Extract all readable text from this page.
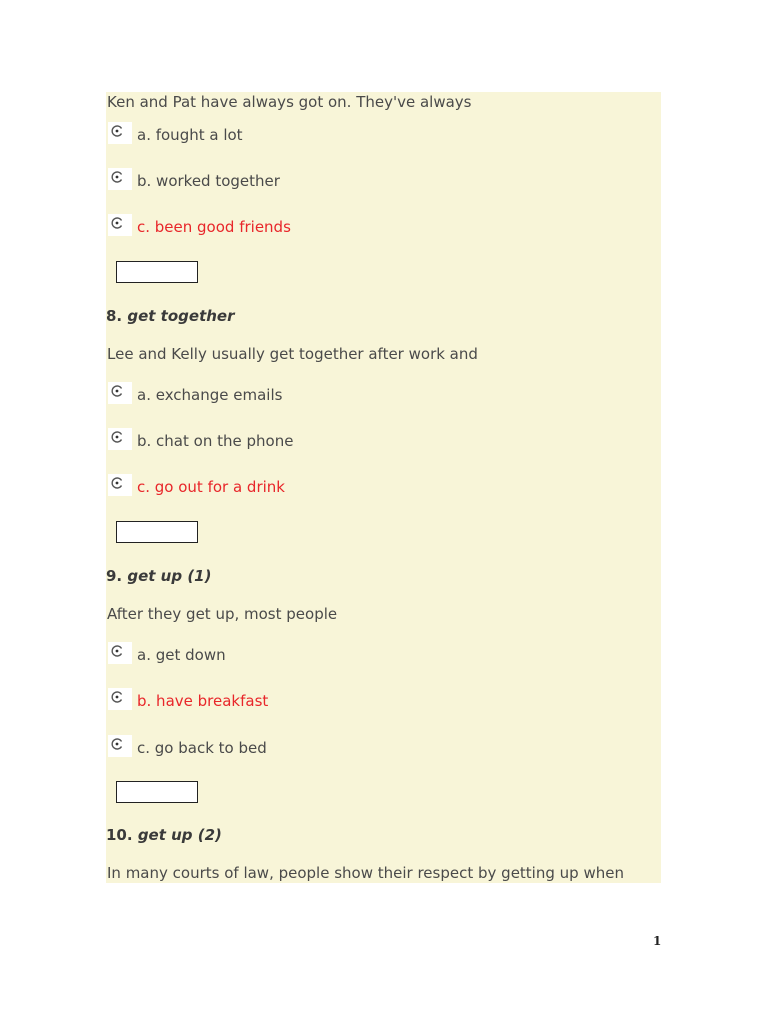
Ken and Pat have always got on. They've always
a. fought a lot
b. worked together
c. been good friends
8. get together
Lee and Kelly usually get together after work and
a. exchange emails
b. chat on the phone
c. go out for a drink
9. get up (1)
After they get up, most people
a. get down
b. have breakfast
c. go back to bed
10. get up (2)
In many courts of law, people show their respect by getting up when
1
